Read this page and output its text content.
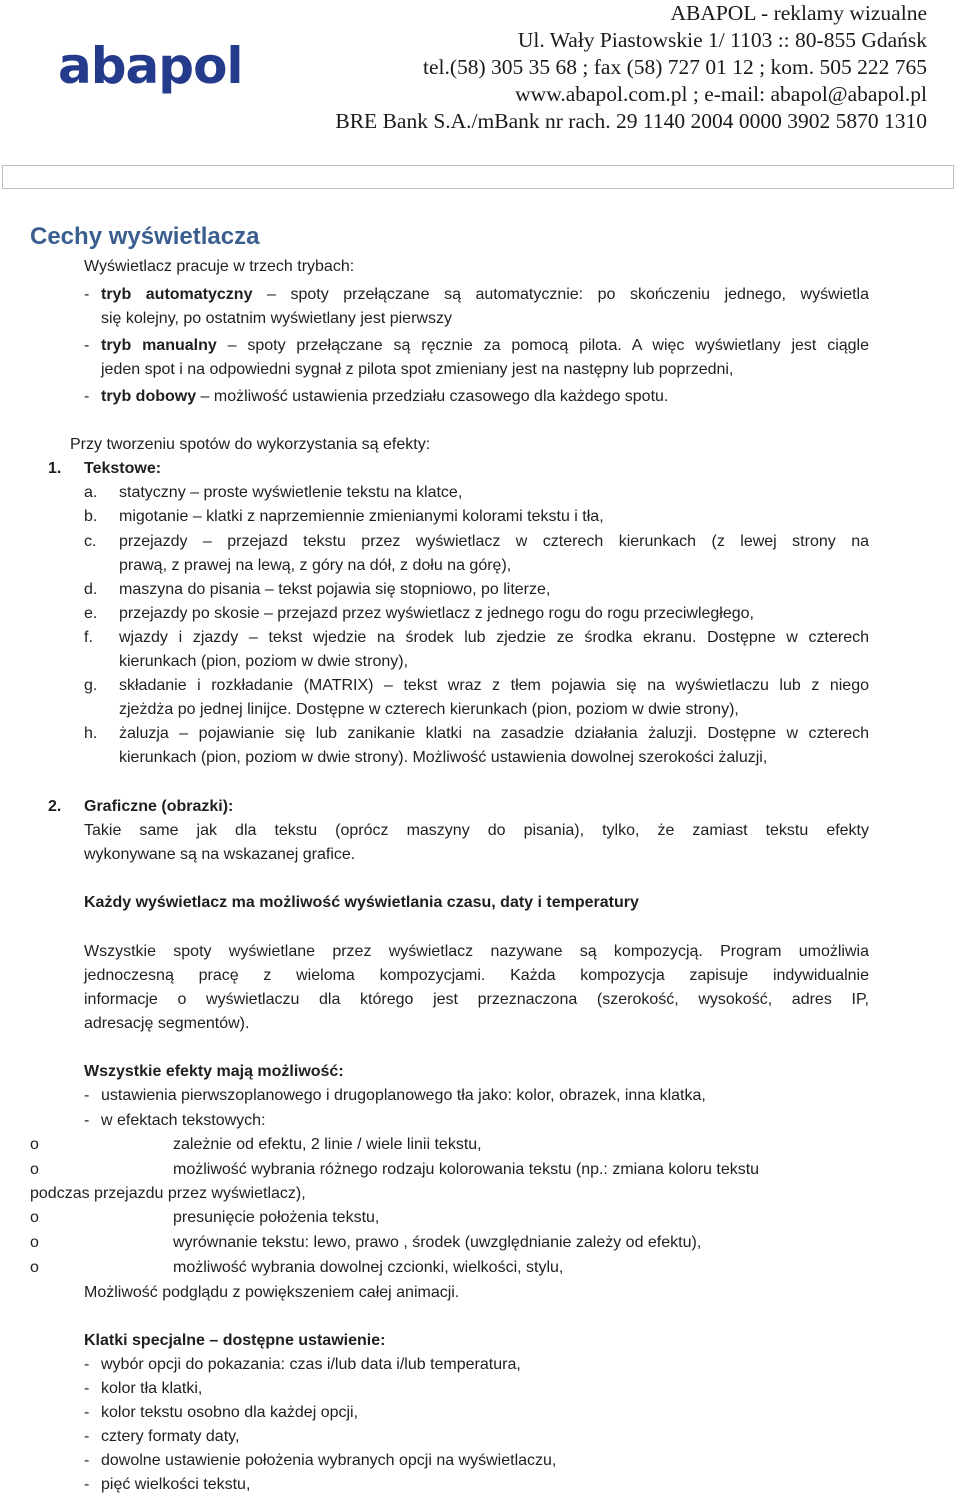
abapol
ABAPOL - reklamy wizualne
Ul. Wały Piastowskie 1/ 1103 :: 80-855 Gdańsk
tel.(58) 305 35 68 ; fax (58) 727 01 12 ; kom. 505 222 765
www.abapol.com.pl ; e-mail: abapol@abapol.pl
BRE Bank S.A./mBank nr rach. 29 1140 2004 0000 3902 5870 1310
Cechy wyświetlacza
Wyświetlacz pracuje w trzech trybach:
- tryb automatyczny – spoty przełączane są automatycznie: po skończeniu jednego, wyświetla
się kolejny, po ostatnim wyświetlany jest pierwszy
- tryb manualny – spoty przełączane są ręcznie za pomocą pilota. A więc wyświetlany jest ciągle
jeden spot i na odpowiedni sygnał z pilota spot zmieniany jest na następny lub poprzedni,
- tryb dobowy – możliwość ustawienia przedziału czasowego dla każdego spotu.
Przy tworzeniu spotów do wykorzystania są efekty:
1. Tekstowe:
a. statyczny – proste wyświetlenie tekstu na klatce,
b. migotanie – klatki z naprzemiennie zmienianymi kolorami tekstu i tła,
c. przejazdy – przejazd tekstu przez wyświetlacz w czterech kierunkach (z lewej strony na
prawą, z prawej na lewą, z góry na dół, z dołu na górę),
d. maszyna do pisania – tekst pojawia się stopniowo, po literze,
e. przejazdy po skosie – przejazd przez wyświetlacz z jednego rogu do rogu przeciwległego,
f. wjazdy i zjazdy – tekst wjedzie na środek lub zjedzie ze środka ekranu. Dostępne w czterech
kierunkach (pion, poziom w dwie strony),
g. składanie i rozkładanie (MATRIX) – tekst wraz z tłem pojawia się na wyświetlaczu lub z niego
zjeżdża po jednej linijce. Dostępne w czterech kierunkach (pion, poziom w dwie strony),
h. żaluzja – pojawianie się lub zanikanie klatki na zasadzie działania żaluzji. Dostępne w czterech
kierunkach (pion, poziom w dwie strony). Możliwość ustawienia dowolnej szerokości żaluzji,
2. Graficzne (obrazki):
Takie same jak dla tekstu (oprócz maszyny do pisania), tylko, że zamiast tekstu efekty
wykonywane są na wskazanej grafice.
Każdy wyświetlacz ma możliwość wyświetlania czasu, daty i temperatury
Wszystkie spoty wyświetlane przez wyświetlacz nazywane są kompozycją. Program umożliwia
jednoczesną pracę z wieloma kompozycjami. Każda kompozycja zapisuje indywidualnie
informacje o wyświetlaczu dla którego jest przeznaczona (szerokość, wysokość, adres IP,
adresację segmentów).
Wszystkie efekty mają możliwość:
- ustawienia pierwszoplanowego i drugoplanowego tła jako: kolor, obrazek, inna klatka,
- w efektach tekstowych:
o	zależnie od efektu, 2 linie / wiele linii tekstu,
o	możliwość wybrania różnego rodzaju kolorowania tekstu (np.: zmiana koloru tekstu
podczas przejazdu przez wyświetlacz),
o	presunięcie położenia tekstu,
o	wyrównanie tekstu: lewo, prawo , środek (uwzględnianie zależy od efektu),
o	możliwość wybrania dowolnej czcionki, wielkości, stylu,
Możliwość podglądu z powiększeniem całej animacji.
Klatki specjalne – dostępne ustawienie:
- wybór opcji do pokazania: czas i/lub data i/lub temperatura,
- kolor tła klatki,
- kolor tekstu osobno dla każdej opcji,
- cztery formaty daty,
- dowolne ustawienie położenia wybranych opcji na wyświetlaczu,
- pięć wielkości tekstu,
